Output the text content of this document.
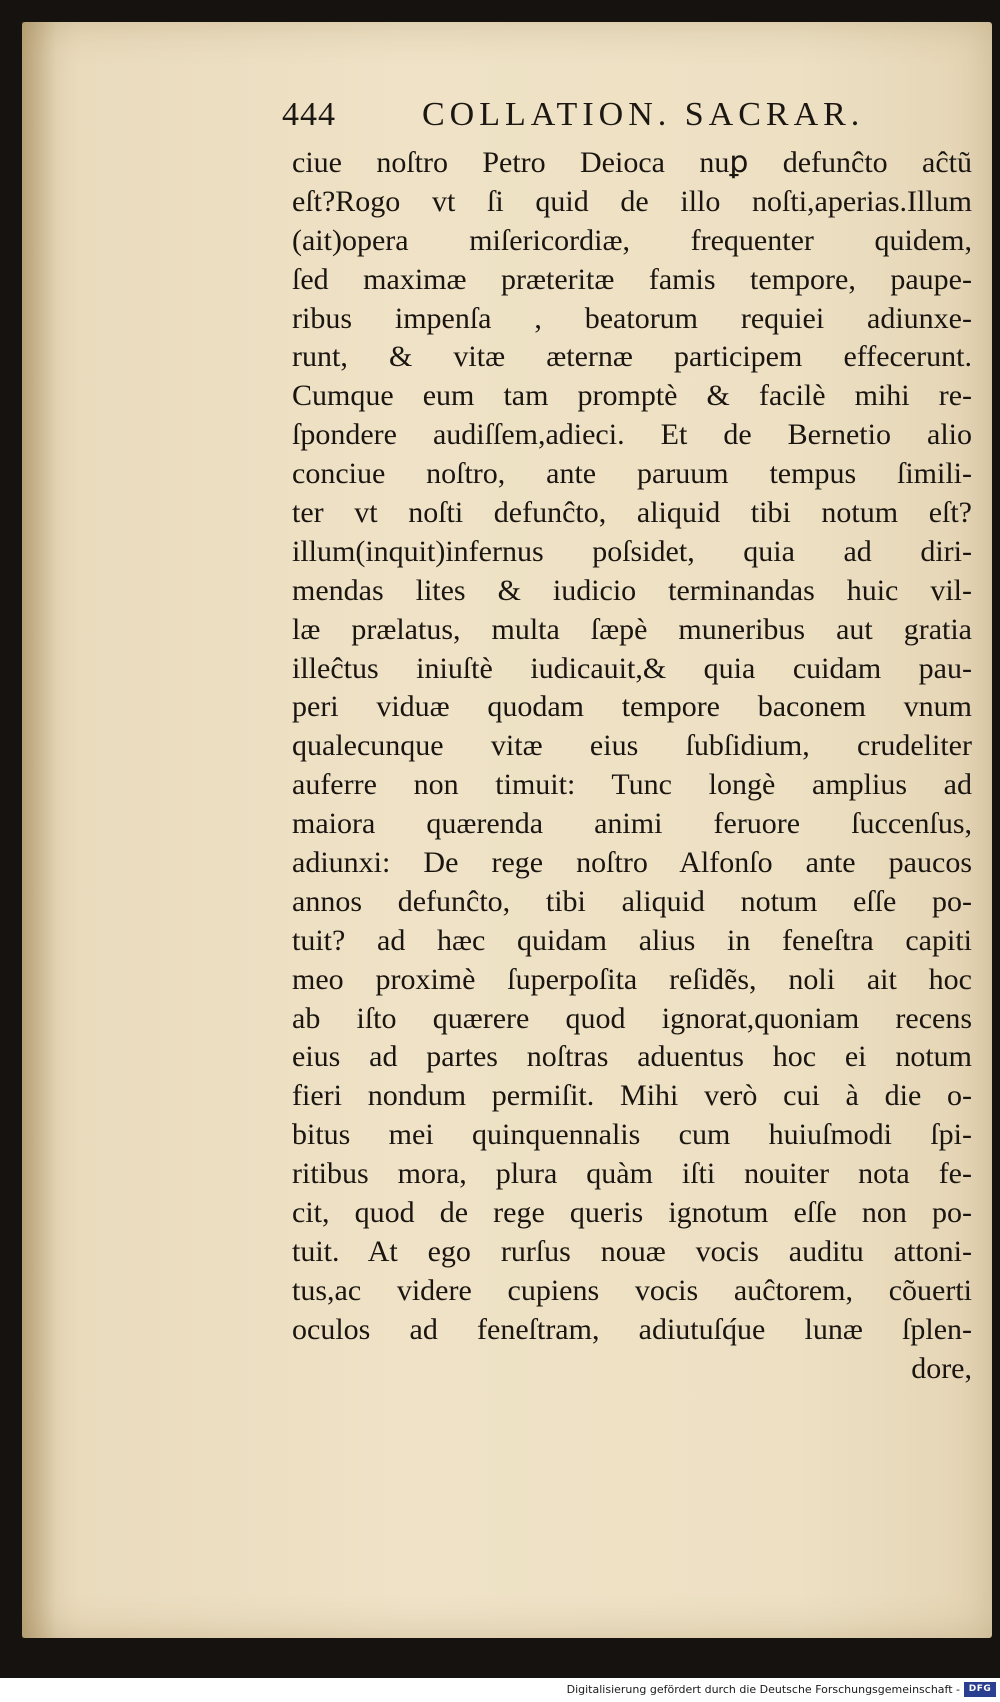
444	COLLATION. SACRAR.
ciue noſtro Petro Deioca nuꝑ defunĉto aĉtũ
eſt?Rogo vt ſi quid de illo noſti,aperias.Illum
(ait)opera miſericordiæ, frequenter quidem,
ſed maximæ præteritæ famis tempore, paupe-
ribus impenſa , beatorum requiei adiunxe-
runt, & vitæ æternæ participem effecerunt.
Cumque eum tam promptè & facilè mihi re-
ſpondere audiſſem,adieci. Et de Bernetio alio
conciue noſtro, ante paruum tempus ſimili-
ter vt noſti defunĉto, aliquid tibi notum eſt?
illum(inquit)infernus poſsidet, quia ad diri-
mendas lites & iudicio terminandas huic vil-
læ prælatus, multa ſæpè muneribus aut gratia
illeĉtus iniuſtè iudicauit,& quia cuidam pau-
peri viduæ quodam tempore baconem vnum
qualecunque vitæ eius ſubſidium, crudeliter
auferre non timuit: Tunc longè amplius ad
maiora quærenda animi feruore ſuccenſus,
adiunxi: De rege noſtro Alfonſo ante paucos
annos defunĉto, tibi aliquid notum eſſe po-
tuit? ad hæc quidam alius in feneſtra capiti
meo proximè ſuperpoſita reſidẽs, noli ait hoc
ab iſto quærere quod ignorat,quoniam recens
eius ad partes noſtras aduentus hoc ei notum
fieri nondum permiſit. Mihi verò cui à die o-
bitus mei quinquennalis cum huiuſmodi ſpi-
ritibus mora, plura quàm iſti nouiter nota fe-
cit, quod de rege queris ignotum eſſe non po-
tuit. At ego rurſus nouæ vocis auditu attoni-
tus,ac videre cupiens vocis auĉtorem, cõuerti
oculos ad feneſtram, adiutuſq́ue lunæ ſplen-
dore,
Digitalisierung gefördert durch die Deutsche Forschungsgemeinschaft - DFG
